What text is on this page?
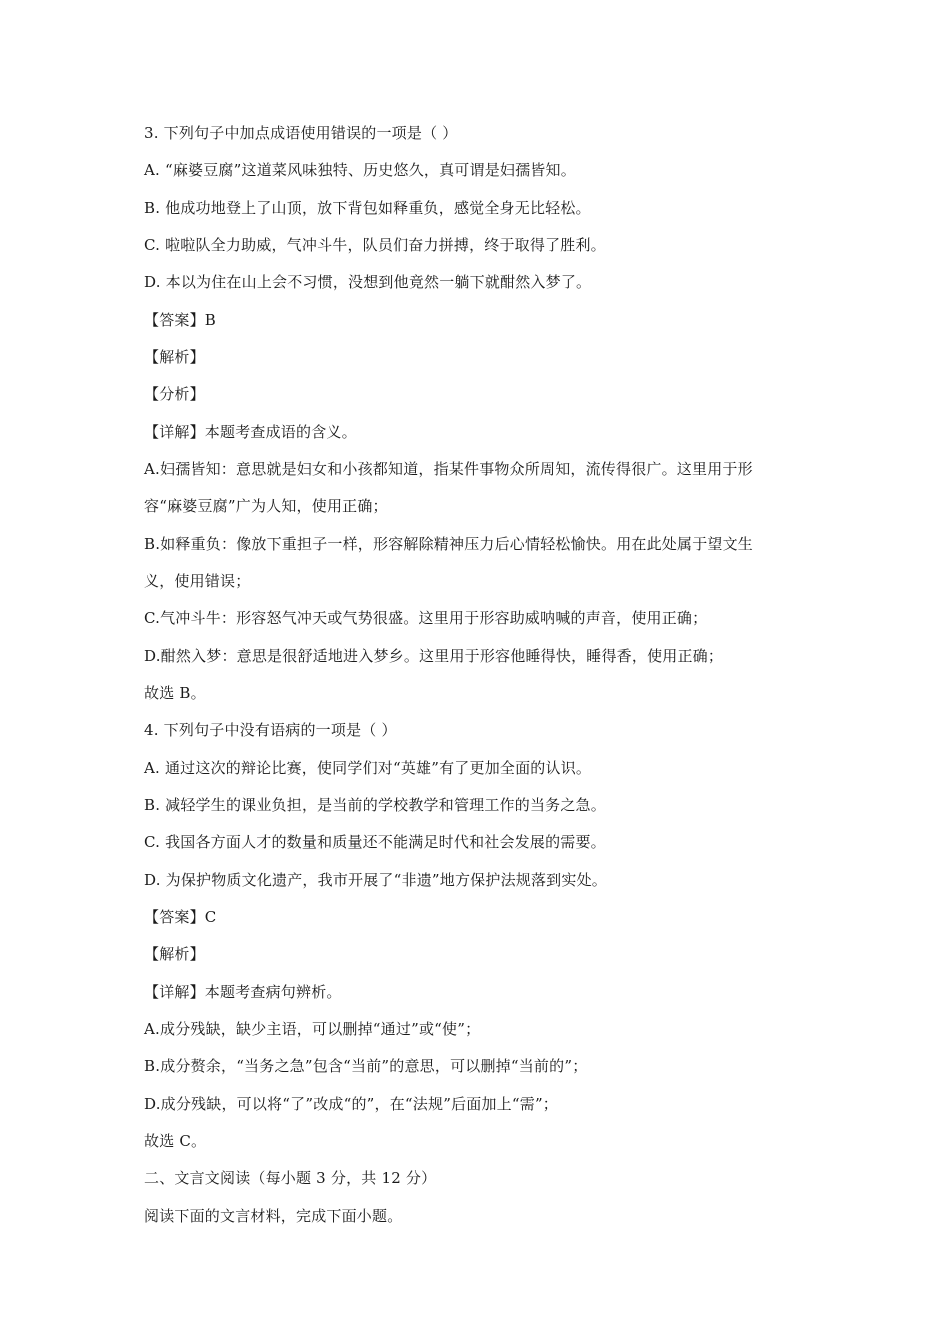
3. 下列句子中加点成语使用错误的一项是（ ）
A. “麻婆豆腐”这道菜风味独特、历史悠久，真可谓是妇孺皆知。
B. 他成功地登上了山顶，放下背包如释重负，感觉全身无比轻松。
C. 啦啦队全力助威，气冲斗牛，队员们奋力拼搏，终于取得了胜利。
D. 本以为住在山上会不习惯，没想到他竟然一躺下就酣然入梦了。
【答案】B
【解析】
【分析】
【详解】本题考查成语的含义。
A.妇孺皆知：意思就是妇女和小孩都知道，指某件事物众所周知，流传得很广。这里用于形
容“麻婆豆腐”广为人知，使用正确；
B.如释重负：像放下重担子一样，形容解除精神压力后心情轻松愉快。用在此处属于望文生
义，使用错误；
C.气冲斗牛：形容怒气冲天或气势很盛。这里用于形容助威呐喊的声音，使用正确；
D.酣然入梦：意思是很舒适地进入梦乡。这里用于形容他睡得快，睡得香，使用正确；
故选 B。
4. 下列句子中没有语病的一项是（ ）
A. 通过这次的辩论比赛，使同学们对“英雄”有了更加全面的认识。
B. 减轻学生的课业负担，是当前的学校教学和管理工作的当务之急。
C. 我国各方面人才的数量和质量还不能满足时代和社会发展的需要。
D. 为保护物质文化遗产，我市开展了“非遗”地方保护法规落到实处。
【答案】C
【解析】
【详解】本题考查病句辨析。
A.成分残缺，缺少主语，可以删掉“通过”或“使”；
B.成分赘余，“当务之急”包含“当前”的意思，可以删掉“当前的”；
D.成分残缺，可以将“了”改成“的”，在“法规”后面加上“需”；
故选 C。
二、文言文阅读（每小题 3 分，共 12 分）
阅读下面的文言材料，完成下面小题。
